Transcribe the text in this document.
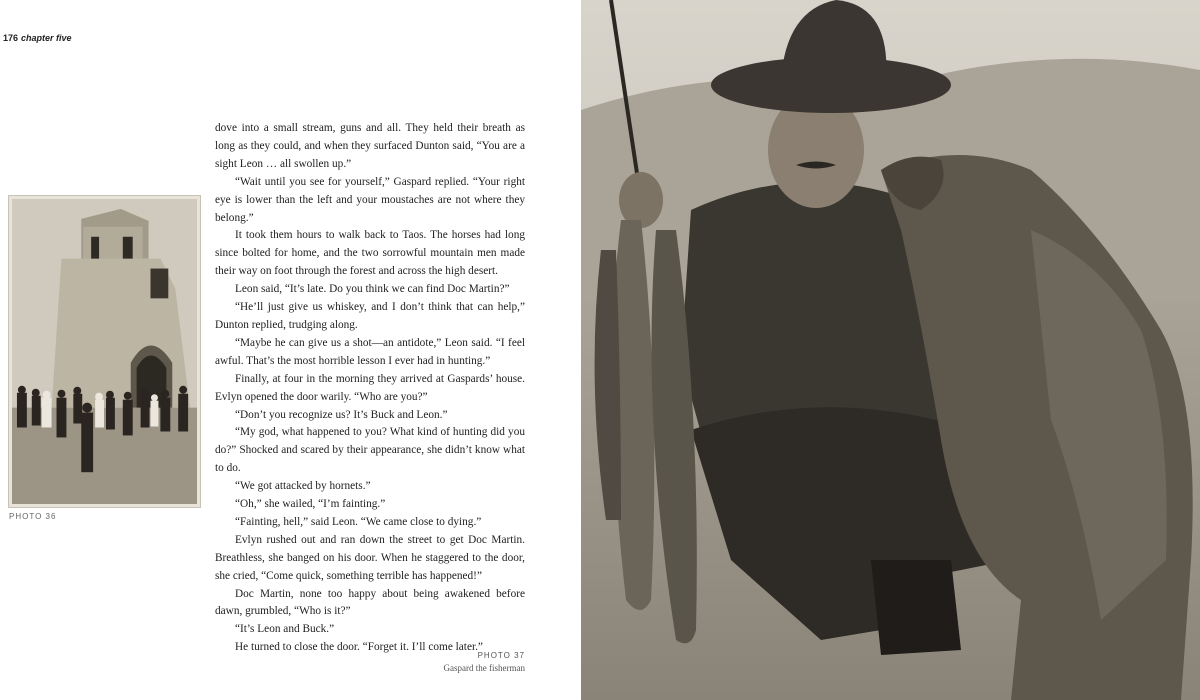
176 chapter five
PHOTO 36

dove into a small stream, guns and all. They held their breath as long as they could, and when they surfaced Dunton said, “You are a sight Leon … all swollen up.”

“Wait until you see for yourself,” Gaspard replied. “Your right eye is lower than the left and your moustaches are not where they belong.”

It took them hours to walk back to Taos. The horses had long since bolted for home, and the two sorrowful mountain men made their way on foot through the forest and across the high desert.

Leon said, “It’s late. Do you think we can find Doc Martin?”

“He’ll just give us whiskey, and I don’t think that can help,” Dunton replied, trudging along.

“Maybe he can give us a shot—an antidote,” Leon said. “I feel awful. That’s the most horrible lesson I ever had in hunting.”

Finally, at four in the morning they arrived at Gaspards’ house. Evlyn opened the door warily. “Who are you?”

“Don’t you recognize us? It’s Buck and Leon.”

“My god, what happened to you? What kind of hunting did you do?” Shocked and scared by their appearance, she didn’t know what to do.

“We got attacked by hornets.”

“Oh,” she wailed, “I’m fainting.”

“Fainting, hell,” said Leon. “We came close to dying.”

Evlyn rushed out and ran down the street to get Doc Martin. Breathless, she banged on his door. When he staggered to the door, she cried, “Come quick, something terrible has happened!”

Doc Martin, none too happy about being awakened before dawn, grumbled, “Who is it?”

“It’s Leon and Buck.”

He turned to close the door. “Forget it. I’ll come later.”

PHOTO 37
Gaspard the fisherman
